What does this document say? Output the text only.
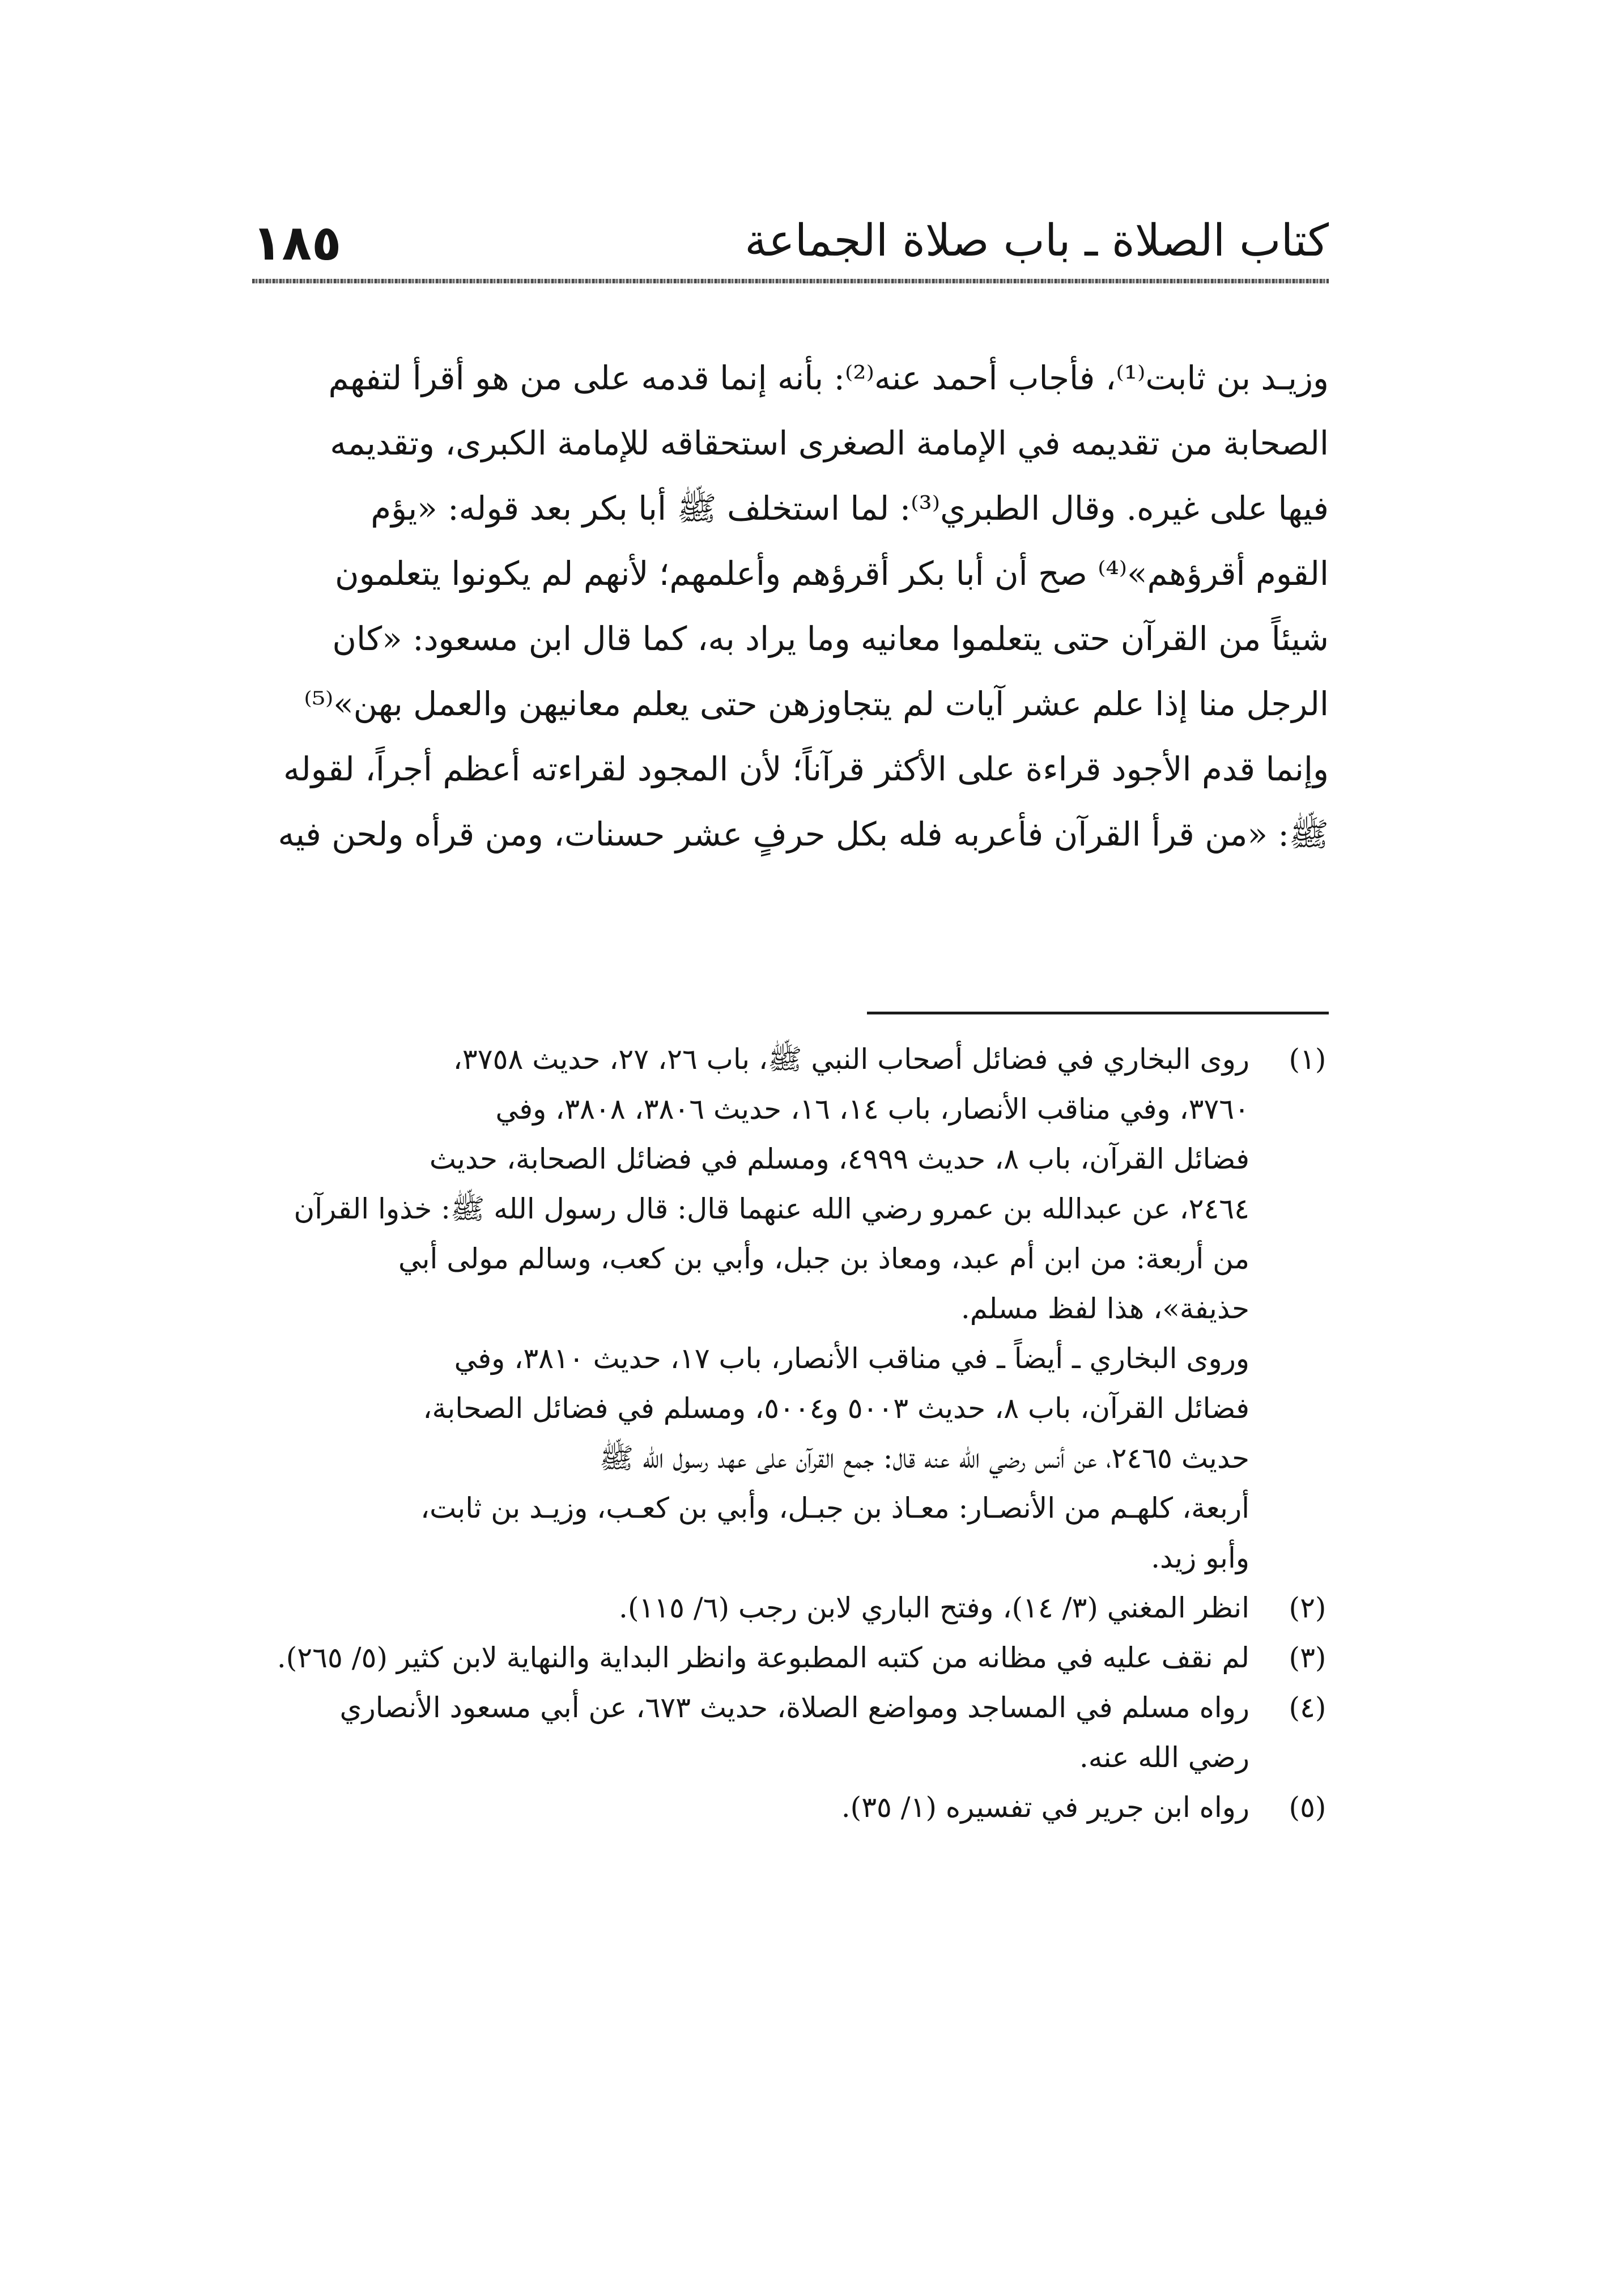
كتاب الصلاة ـ باب صلاة الجماعة
١٨٥
وزيـد بن ثابت⁽¹⁾، فأجاب أحمد عنه⁽²⁾: بأنه إنما قدمه على من هو أقرأ لتفهم
الصحابة من تقديمه في الإمامة الصغرى استحقاقه للإمامة الكبرى، وتقديمه
فيها على غيره. وقال الطبري⁽³⁾: لما استخلف ﷺ أبا بكر بعد قوله: «يؤم
القوم أقرؤهم»⁽⁴⁾ صح أن أبا بكر أقرؤهم وأعلمهم؛ لأنهم لم يكونوا يتعلمون
شيئاً من القرآن حتى يتعلموا معانيه وما يراد به، كما قال ابن مسعود: «كان
الرجل منا إذا علم عشر آيات لم يتجاوزهن حتى يعلم معانيهن والعمل بهن»⁽⁵⁾
وإنما قدم الأجود قراءة على الأكثر قرآناً؛ لأن المجود لقراءته أعظم أجراً، لقوله
ﷺ: «من قرأ القرآن فأعربه فله بكل حرفٍ عشر حسنات، ومن قرأه ولحن فيه
(١)
روى البخاري في فضائل أصحاب النبي ﷺ، باب ٢٦، ٢٧، حديث ٣٧٥٨،
٣٧٦٠، وفي مناقب الأنصار، باب ١٤، ١٦، حديث ٣٨٠٦، ٣٨٠٨، وفي
فضائل القرآن، باب ٨، حديث ٤٩٩٩، ومسلم في فضائل الصحابة، حديث
٢٤٦٤، عن عبدالله بن عمرو رضي الله عنهما قال: قال رسول الله ﷺ: خذوا القرآن
من أربعة: من ابن أم عبد، ومعاذ بن جبل، وأبي بن كعب، وسالم مولى أبي
حذيفة»، هذا لفظ مسلم.
وروى البخاري ـ أيضاً ـ في مناقب الأنصار، باب ١٧، حديث ٣٨١٠، وفي
فضائل القرآن، باب ٨، حديث ٥٠٠٣ و٥٠٠٤، ومسلم في فضائل الصحابة،
حديث ٢٤٦٥، عن أنس رضي الله عنه قال: جمع القرآن على عهد رسول الله ﷺ
أربعة، كلهـم من الأنصـار: معـاذ بن جبـل، وأبي بن كعـب، وزيـد بن ثابت،
وأبو زيد.
(٢)
انظر المغني (٣/ ١٤)، وفتح الباري لابن رجب (٦/ ١١٥).
(٣)
لم نقف عليه في مظانه من كتبه المطبوعة وانظر البداية والنهاية لابن كثير (٥/ ٢٦٥).
(٤)
رواه مسلم في المساجد ومواضع الصلاة، حديث ٦٧٣، عن أبي مسعود الأنصاري
رضي الله عنه.
(٥)
رواه ابن جرير في تفسيره (١/ ٣٥).
